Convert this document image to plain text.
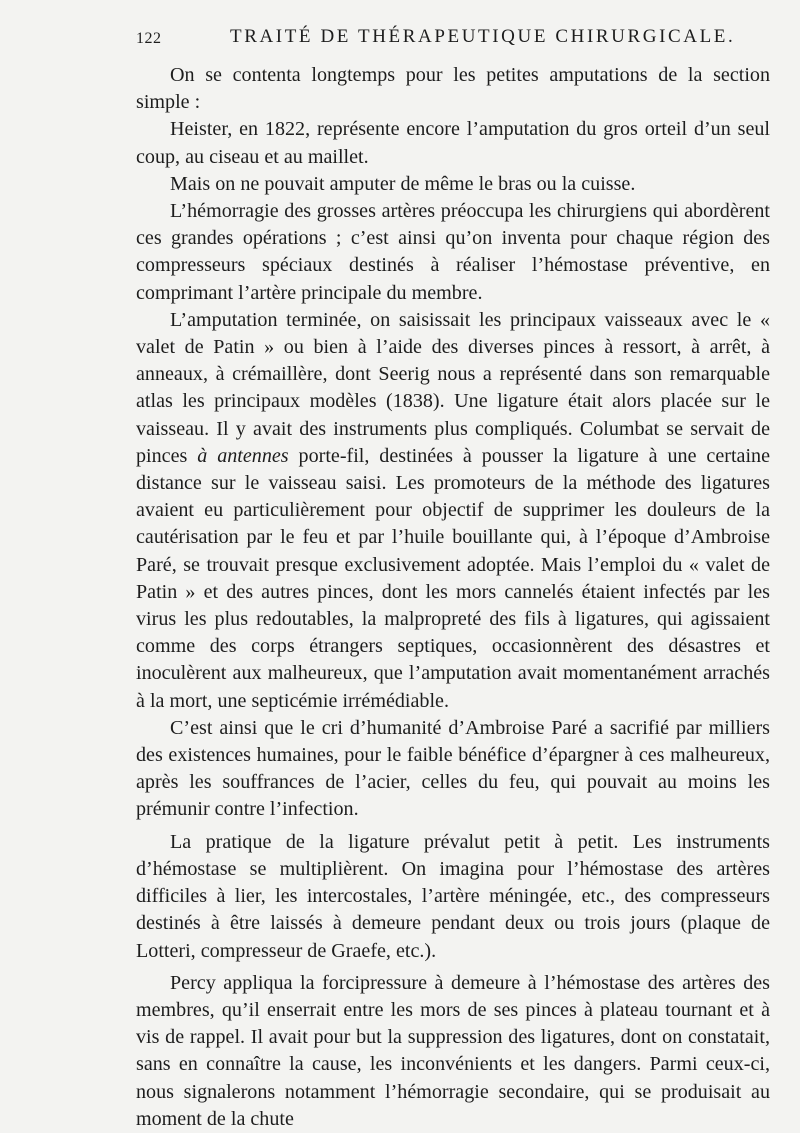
122	TRAITÉ DE THÉRAPEUTIQUE CHIRURGICALE.

On se contenta longtemps pour les petites amputations de la section simple :

Heister, en 1822, représente encore l’amputation du gros orteil d’un seul coup, au ciseau et au maillet.

Mais on ne pouvait amputer de même le bras ou la cuisse.

L’hémorragie des grosses artères préoccupa les chirurgiens qui abordèrent ces grandes opérations ; c’est ainsi qu’on inventa pour chaque région des compresseurs spéciaux destinés à réaliser l’hémostase préventive, en comprimant l’artère principale du membre.

L’amputation terminée, on saisissait les principaux vaisseaux avec le « valet de Patin » ou bien à l’aide des diverses pinces à ressort, à arrêt, à anneaux, à crémaillère, dont Seerig nous a représenté dans son remarquable atlas les principaux modèles (1838). Une ligature était alors placée sur le vaisseau. Il y avait des instruments plus compliqués. Columbat se servait de pinces à antennes porte-fil, destinées à pousser la ligature à une certaine distance sur le vaisseau saisi. Les promoteurs de la méthode des ligatures avaient eu particulièrement pour objectif de supprimer les douleurs de la cautérisation par le feu et par l’huile bouillante qui, à l’époque d’Ambroise Paré, se trouvait presque exclusivement adoptée. Mais l’emploi du « valet de Patin » et des autres pinces, dont les mors cannelés étaient infectés par les virus les plus redoutables, la malpropreté des fils à ligatures, qui agissaient comme des corps étrangers septiques, occasionnèrent des désastres et inoculèrent aux malheureux, que l’amputation avait momentanément arrachés à la mort, une septicémie irrémédiable.

C’est ainsi que le cri d’humanité d’Ambroise Paré a sacrifié par milliers des existences humaines, pour le faible bénéfice d’épargner à ces malheureux, après les souffrances de l’acier, celles du feu, qui pouvait au moins les prémunir contre l’infection.

La pratique de la ligature prévalut petit à petit. Les instruments d’hémostase se multiplièrent. On imagina pour l’hémostase des artères difficiles à lier, les intercostales, l’artère méningée, etc., des compresseurs destinés à être laissés à demeure pendant deux ou trois jours (plaque de Lotteri, compresseur de Graefe, etc.).

Percy appliqua la forcipressure à demeure à l’hémostase des artères des membres, qu’il enserrait entre les mors de ses pinces à plateau tournant et à vis de rappel. Il avait pour but la suppression des ligatures, dont on constatait, sans en connaître la cause, les inconvénients et les dangers. Parmi ceux-ci, nous signalerons notamment l’hémorragie secondaire, qui se produisait au moment de la chute
